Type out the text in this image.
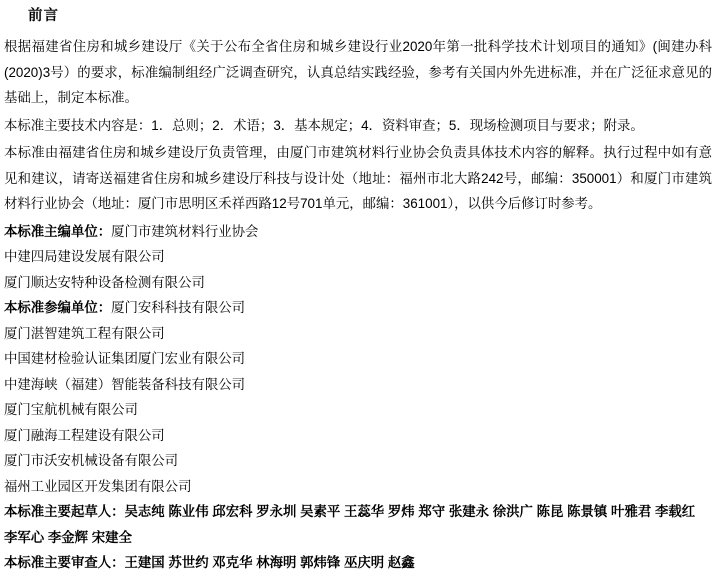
前言

根据福建省住房和城乡建设厅《关于公布全省住房和城乡建设行业2020年第一批科学技术计划项目的通知》(闽建办科(2020)3号）的要求，标准编制组经广泛调查研究，认真总结实践经验，参考有关国内外先进标准，并在广泛征求意见的基础上，制定本标准。

本标准主要技术内容是：1．总则；2．术语；3．基本规定；4．资料审查；5．现场检测项目与要求；附录。

本标准由福建省住房和城乡建设厅负责管理，由厦门市建筑材料行业协会负责具体技术内容的解释。执行过程中如有意见和建议，请寄送福建省住房和城乡建设厅科技与设计处（地址：福州市北大路242号，邮编：350001）和厦门市建筑材料行业协会（地址：厦门市思明区禾祥西路12号701单元，邮编：361001），以供今后修订时参考。

本标准主编单位：厦门市建筑材料行业协会
中建四局建设发展有限公司
厦门顺达安特种设备检测有限公司
本标准参编单位：厦门安科科技有限公司
厦门湛智建筑工程有限公司
中国建材检验认证集团厦门宏业有限公司
中建海峡（福建）智能装备科技有限公司
厦门宝航机械有限公司
厦门融海工程建设有限公司
厦门市沃安机械设备有限公司
福州工业园区开发集团有限公司
本标准主要起草人：吴志纯 陈业伟 邱宏科 罗永圳 吴素平 王蕊华 罗炜 郑守 张建永 徐洪广 陈昆 陈景镇 叶雅君 李载红 李军心 李金辉 宋建全
本标准主要审查人：王建国 苏世约 邓克华 林海明 郭炜锋 巫庆明 赵鑫
